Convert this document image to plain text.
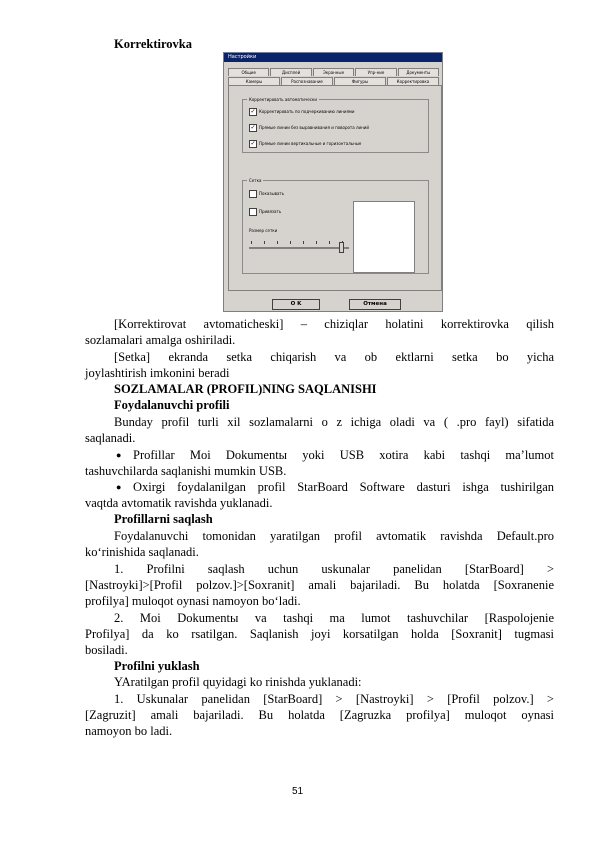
Korrektirovka
Настройки
Общие	Дисплей	Экранные	Упр-ние	Документы
Камеры	Распознавание	Фигуры	Корректировка
Корректировать автоматически
✓ Корректировать по подчеркиванию линиями
✓ Прямые линии без выравнивания и поворота линий
✓ Прямые линии вертикальные и горизонтальные
Сетка
Показывать
Привязать
Размер сетки
O K	Отмена
[Korrektirovat avtomaticheski] – chiziqlar holatini korrektirovka qilish
sozlamalari amalga oshiriladi.
[Setka] ekranda setka chiqarish va ob ektlarni setka bo yicha
joylashtirish imkonini beradi
SOZLAMALAR (PROFIL)NING SAQLANISHI
Foydalanuvchi profili
Bunday profil turli xil sozlamalarni o z ichiga oladi va ( .pro fayl) sifatida
saqlanadi.
● Profillar Moi Dokumentы yoki USB xotira kabi tashqi ma’lumot
tashuvchilarda saqlanishi mumkin USB.
● Oxirgi foydalanilgan profil StarBoard Software dasturi ishga tushirilgan
vaqtda avtomatik ravishda yuklanadi.
Profillarni saqlash
Foydalanuvchi tomonidan yaratilgan profil avtomatik ravishda Default.pro
ko‘rinishida saqlanadi.
1. Profilni saqlash uchun uskunalar panelidan [StarBoard] >
[Nastroyki]>[Profil polzov.]>[Soxranit] amali bajariladi. Bu holatda [Soxranenie
profilya] muloqot oynasi namoyon bo‘ladi.
2. Moi Dokumentы va tashqi ma lumot tashuvchilar [Raspolojenie
Profilya] da ko rsatilgan. Saqlanish joyi korsatilgan holda [Soxranit] tugmasi
bosiladi.
Profilni yuklash
YAratilgan profil quyidagi ko rinishda yuklanadi:
1. Uskunalar panelidan [StarBoard] > [Nastroyki] > [Profil polzov.] >
[Zagruzit] amali bajariladi. Bu holatda [Zagruzka profilya] muloqot oynasi
namoyon bo ladi.
51
